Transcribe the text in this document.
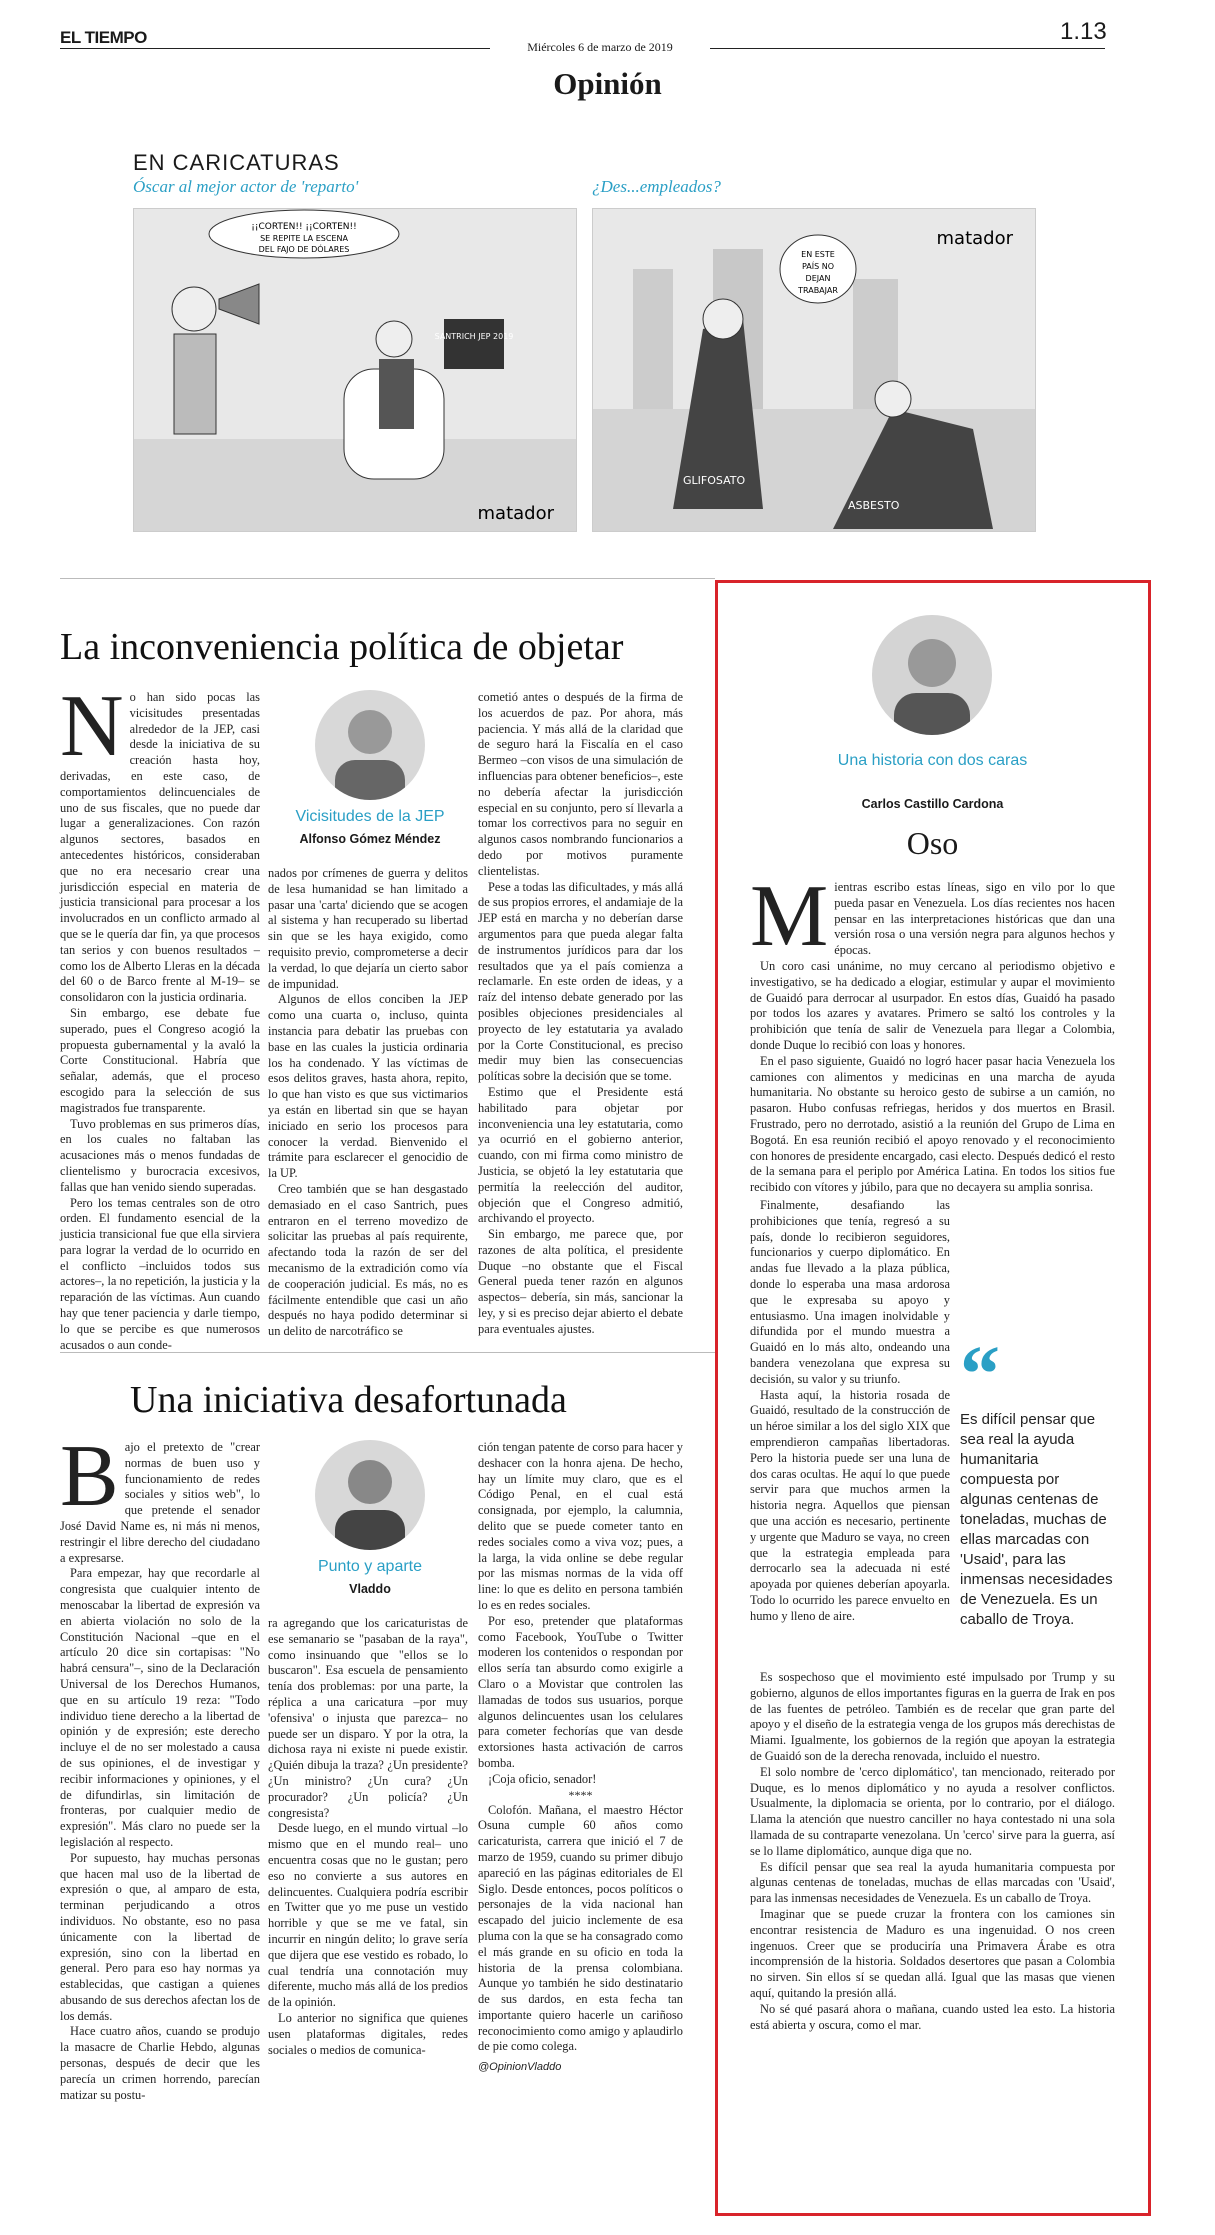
EL TIEMPO	Miércoles 6 de marzo de 2019
1.13
Opinión
EN CARICATURAS
Óscar al mejor actor de 'reparto'	¿Des...empleados?
¡¡CORTEN!! ¡¡CORTEN!!
SE REPITE LA ESCENA
DEL FAJO DE DÓLARES
SANTRICH JEP 2019
matador
matador
EN ESTE
PAÍS NO
DEJAN
TRABAJAR
GLIFOSATO
ASBESTO
La inconveniencia política de objetar
N o han sido pocas las vicisitudes presentadas alrededor de la JEP, casi desde la iniciativa de su creación hasta hoy, derivadas, en este caso, de comportamientos delincuenciales de uno de sus fiscales, que no puede dar lugar a generalizaciones. Con razón algunos sectores, basados en antecedentes históricos, consideraban que no era necesario crear una jurisdicción especial en materia de justicia transicional para procesar a los involucrados en un conflicto armado al que se le quería dar fin, ya que procesos tan serios y con buenos resultados –como los de Alberto Lleras en la década del 60 o de Barco frente al M-19– se consolidaron con la justicia ordinaria.

Sin embargo, ese debate fue superado, pues el Congreso acogió la propuesta gubernamental y la avaló la Corte Constitucional. Habría que señalar, además, que el proceso escogido para la selección de sus magistrados fue transparente.

Tuvo problemas en sus primeros días, en los cuales no faltaban las acusaciones más o menos fundadas de clientelismo y burocracia excesivos, fallas que han venido siendo superadas.

Pero los temas centrales son de otro orden. El fundamento esencial de la justicia transicional fue que ella sirviera para lograr la verdad de lo ocurrido en el conflicto –incluidos todos sus actores–, la no repetición, la justicia y la reparación de las víctimas. Aun cuando hay que tener paciencia y darle tiempo, lo que se percibe es que numerosos acusados o aun conde-

Vicisitudes de la JEP
Alfonso Gómez Méndez

nados por crímenes de guerra y delitos de lesa humanidad se han limitado a pasar una 'carta' diciendo que se acogen al sistema y han recuperado su libertad sin que se les haya exigido, como requisito previo, comprometerse a decir la verdad, lo que dejaría un cierto sabor de impunidad.

Algunos de ellos conciben la JEP como una cuarta o, incluso, quinta instancia para debatir las pruebas con base en las cuales la justicia ordinaria los ha condenado. Y las víctimas de esos delitos graves, hasta ahora, repito, lo que han visto es que sus victimarios ya están en libertad sin que se hayan iniciado en serio los procesos para conocer la verdad. Bienvenido el trámite para esclarecer el genocidio de la UP.

Creo también que se han desgastado demasiado en el caso Santrich, pues entraron en el terreno movedizo de solicitar las pruebas al país requirente, afectando toda la razón de ser del mecanismo de la extradición como vía de cooperación judicial. Es más, no es fácilmente entendible que casi un año después no haya podido determinar si un delito de narcotráfico se

cometió antes o después de la firma de los acuerdos de paz. Por ahora, más paciencia. Y más allá de la claridad que de seguro hará la Fiscalía en el caso Bermeo –con visos de una simulación de influencias para obtener beneficios–, este no debería afectar la jurisdicción especial en su conjunto, pero sí llevarla a tomar los correctivos para no seguir en algunos casos nombrando funcionarios a dedo por motivos puramente clientelistas.

Pese a todas las dificultades, y más allá de sus propios errores, el andamiaje de la JEP está en marcha y no deberían darse argumentos para que pueda alegar falta de instrumentos jurídicos para dar los resultados que ya el país comienza a reclamarle. En este orden de ideas, y a raíz del intenso debate generado por las posibles objeciones presidenciales al proyecto de ley estatutaria ya avalado por la Corte Constitucional, es preciso medir muy bien las consecuencias políticas sobre la decisión que se tome.

Estimo que el Presidente está habilitado para objetar por inconveniencia una ley estatutaria, como ya ocurrió en el gobierno anterior, cuando, con mi firma como ministro de Justicia, se objetó la ley estatutaria que permitía la reelección del auditor, objeción que el Congreso admitió, archivando el proyecto.

Sin embargo, me parece que, por razones de alta política, el presidente Duque –no obstante que el Fiscal General pueda tener razón en algunos aspectos– debería, sin más, sancionar la ley, y si es preciso dejar abierto el debate para eventuales ajustes.

Una iniciativa desafortunada
B ajo el pretexto de "crear normas de buen uso y funcionamiento de redes sociales y sitios web", lo que pretende el senador José David Name es, ni más ni menos, restringir el libre derecho del ciudadano a expresarse.

Para empezar, hay que recordarle al congresista que cualquier intento de menoscabar la libertad de expresión va en abierta violación no solo de la Constitución Nacional –que en el artículo 20 dice sin cortapisas: "No habrá censura"–, sino de la Declaración Universal de los Derechos Humanos, que en su artículo 19 reza: "Todo individuo tiene derecho a la libertad de opinión y de expresión; este derecho incluye el de no ser molestado a causa de sus opiniones, el de investigar y recibir informaciones y opiniones, y el de difundirlas, sin limitación de fronteras, por cualquier medio de expresión". Más claro no puede ser la legislación al respecto.

Por supuesto, hay muchas personas que hacen mal uso de la libertad de expresión o que, al amparo de esta, terminan perjudicando a otros individuos. No obstante, eso no pasa únicamente con la libertad de expresión, sino con la libertad en general. Pero para eso hay normas ya establecidas, que castigan a quienes abusando de sus derechos afectan los de los demás.

Hace cuatro años, cuando se produjo la masacre de Charlie Hebdo, algunas personas, después de decir que les parecía un crimen horrendo, parecían matizar su postu-

Punto y aparte
Vladdo

ra agregando que los caricaturistas de ese semanario se "pasaban de la raya", como insinuando que "ellos se lo buscaron". Esa escuela de pensamiento tenía dos problemas: por una parte, la réplica a una caricatura –por muy 'ofensiva' o injusta que parezca– no puede ser un disparo. Y por la otra, la dichosa raya ni existe ni puede existir. ¿Quién dibuja la traza? ¿Un presidente? ¿Un ministro? ¿Un cura? ¿Un procurador? ¿Un policía? ¿Un congresista?

Desde luego, en el mundo virtual –lo mismo que en el mundo real– uno encuentra cosas que no le gustan; pero eso no convierte a sus autores en delincuentes. Cualquiera podría escribir en Twitter que yo me puse un vestido horrible y que se me ve fatal, sin incurrir en ningún delito; lo grave sería que dijera que ese vestido es robado, lo cual tendría una connotación muy diferente, mucho más allá de los predios de la opinión.

Lo anterior no significa que quienes usen plataformas digitales, redes sociales o medios de comunica-

ción tengan patente de corso para hacer y deshacer con la honra ajena. De hecho, hay un límite muy claro, que es el Código Penal, en el cual está consignada, por ejemplo, la calumnia, delito que se puede cometer tanto en redes sociales como a viva voz; pues, a la larga, la vida online se debe regular por las mismas normas de la vida off line: lo que es delito en persona también lo es en redes sociales.

Por eso, pretender que plataformas como Facebook, YouTube o Twitter moderen los contenidos o respondan por ellos sería tan absurdo como exigirle a Claro o a Movistar que controlen las llamadas de todos sus usuarios, porque algunos delincuentes usan los celulares para cometer fechorías que van desde extorsiones hasta activación de carros bomba.

¡Coja oficio, senador!

****

Colofón. Mañana, el maestro Héctor Osuna cumple 60 años como caricaturista, carrera que inició el 7 de marzo de 1959, cuando su primer dibujo apareció en las páginas editoriales de El Siglo. Desde entonces, pocos políticos o personajes de la vida nacional han escapado del juicio inclemente de esa pluma con la que se ha consagrado como el más grande en su oficio en toda la historia de la prensa colombiana. Aunque yo también he sido destinatario de sus dardos, en esta fecha tan importante quiero hacerle un cariñoso reconocimiento como amigo y aplaudirlo de pie como colega.

@OpinionVladdo
Una historia con dos caras
Carlos Castillo Cardona
Oso
M ientras escribo estas líneas, sigo en vilo por lo que pueda pasar en Venezuela. Los días recientes nos hacen pensar en las interpretaciones históricas que dan una versión rosa o una versión negra para algunos hechos y épocas.

Un coro casi unánime, no muy cercano al periodismo objetivo e investigativo, se ha dedicado a elogiar, estimular y aupar el movimiento de Guaidó para derrocar al usurpador. En estos días, Guaidó ha pasado por todos los azares y avatares. Primero se saltó los controles y la prohibición que tenía de salir de Venezuela para llegar a Colombia, donde Duque lo recibió con loas y honores.

En el paso siguiente, Guaidó no logró hacer pasar hacia Venezuela los camiones con alimentos y medicinas en una marcha de ayuda humanitaria. No obstante su heroico gesto de subirse a un camión, no pasaron. Hubo confusas refriegas, heridos y dos muertos en Brasil. Frustrado, pero no derrotado, asistió a la reunión del Grupo de Lima en Bogotá. En esa reunión recibió el apoyo renovado y el reconocimiento con honores de presidente encargado, casi electo. Después dedicó el resto de la semana para el periplo por América Latina. En todos los sitios fue recibido con vítores y júbilo, para que no decayera su amplia sonrisa.

Finalmente, desafiando las prohibiciones que tenía, regresó a su país, donde lo recibieron seguidores, funcionarios y cuerpo diplomático. En andas fue llevado a la plaza pública, donde lo esperaba una masa ardorosa que le expresaba su apoyo y entusiasmo. Una imagen inolvidable y difundida por el mundo muestra a Guaidó en lo más alto, ondeando una bandera venezolana que expresa su decisión, su valor y su triunfo.

Hasta aquí, la historia rosada de Guaidó, resultado de la construcción de un héroe similar a los del siglo XIX que emprendieron campañas libertadoras. Pero la historia puede ser una luna de dos caras ocultas. He aquí lo que puede servir para que muchos armen la historia negra. Aquellos que piensan que una acción es necesario, pertinente y urgente que Maduro se vaya, no creen que la estrategia empleada para derrocarlo sea la adecuada ni esté apoyada por quienes deberían apoyarla. Todo lo ocurrido les parece envuelto en humo y lleno de aire.

“
Es difícil pensar que sea real la ayuda humanitaria compuesta por algunas centenas de toneladas, muchas de ellas marcadas con 'Usaid', para las inmensas necesidades de Venezuela. Es un caballo de Troya.

Es sospechoso que el movimiento esté impulsado por Trump y su gobierno, algunos de ellos importantes figuras en la guerra de Irak en pos de las fuentes de petróleo. También es de recelar que gran parte del apoyo y el diseño de la estrategia venga de los grupos más derechistas de Miami. Igualmente, los gobiernos de la región que apoyan la estrategia de Guaidó son de la derecha renovada, incluido el nuestro.

El solo nombre de 'cerco diplomático', tan mencionado, reiterado por Duque, es lo menos diplomático y no ayuda a resolver conflictos. Usualmente, la diplomacia se orienta, por lo contrario, por el diálogo. Llama la atención que nuestro canciller no haya contestado ni una sola llamada de su contraparte venezolana. Un 'cerco' sirve para la guerra, así se lo llame diplomático, aunque diga que no.

Es difícil pensar que sea real la ayuda humanitaria compuesta por algunas centenas de toneladas, muchas de ellas marcadas con 'Usaid', para las inmensas necesidades de Venezuela. Es un caballo de Troya.

Imaginar que se puede cruzar la frontera con los camiones sin encontrar resistencia de Maduro es una ingenuidad. O nos creen ingenuos. Creer que se produciría una Primavera Árabe es otra incomprensión de la historia. Soldados desertores que pasan a Colombia no sirven. Sin ellos sí se quedan allá. Igual que las masas que vienen aquí, quitando la presión allá.

No sé qué pasará ahora o mañana, cuando usted lea esto. La historia está abierta y oscura, como el mar.
